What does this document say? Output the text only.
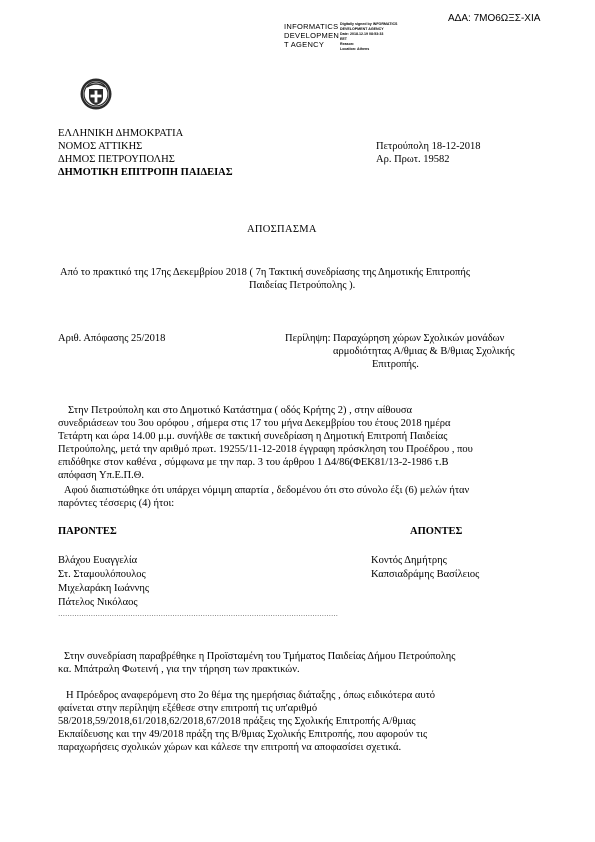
ΑΔΑ: 7ΜΟ6ΩΞΣ-ΧΙΑ
INFORMATICS
DEVELOPMEN
T AGENCY
Digitally signed by INFORMATICS
DEVELOPMENT AGENCY
Date: 2018.12.19 08:53:33
EET
Reason:
Location: Athens
ΕΛΛΗΝΙΚΗ ΔΗΜΟΚΡΑΤΙΑ
ΝΟΜΟΣ ΑΤΤΙΚΗΣ
ΔΗΜΟΣ ΠΕΤΡΟΥΠΟΛΗΣ
ΔΗΜΟΤΙΚΗ ΕΠΙΤΡΟΠΗ ΠΑΙΔΕΙΑΣ
Πετρούπολη 18-12-2018
Αρ. Πρωτ. 19582
ΑΠΟΣΠΑΣΜΑ
Από το πρακτικό της 17ης Δεκεμβρίου 2018 ( 7η Τακτική συνεδρίασης της Δημοτικής Επιτροπής
Παιδείας Πετρούπολης ).
Αριθ. Απόφασης 25/2018	Περίληψη: Παραχώρηση χώρων Σχολικών μονάδων
αρμοδιότητας Α/θμιας & Β/θμιας Σχολικής
Επιτροπής.
Στην Πετρούπολη και στο Δημοτικό Κατάστημα ( οδός Κρήτης 2) , στην αίθουσα
συνεδριάσεων του 3ου ορόφου , σήμερα στις 17 του μήνα Δεκεμβρίου του έτους 2018 ημέρα
Τετάρτη και ώρα 14.00 μ.μ. συνήλθε σε τακτική συνεδρίαση η Δημοτική Επιτροπή Παιδείας
Πετρούπολης, μετά την αριθμό πρωτ. 19255/11-12-2018 έγγραφη πρόσκληση του Προέδρου , που
επιδόθηκε στον καθένα , σύμφωνα με την παρ. 3 του άρθρου 1 Δ4/86(ΦΕΚ81/13-2-1986 τ.Β
απόφαση Υπ.Ε.Π.Θ.
Αφού διαπιστώθηκε ότι υπάρχει νόμιμη απαρτία , δεδομένου ότι στο σύνολο έξι (6) μελών ήταν
παρόντες τέσσερις (4) ήτοι:
ΠΑΡΟΝΤΕΣ	ΑΠΟΝΤΕΣ
Βλάχου Ευαγγελία
Στ. Σταμουλόπουλος
Μιχελαράκη Ιωάννης
Πάτελος Νικόλαος
Κοντός Δημήτρης
Καπσιαδράμης Βασίλειος
…………………………………………………………………………………………………………
Στην συνεδρίαση παραβρέθηκε η Προϊσταμένη του Τμήματος Παιδείας Δήμου Πετρούπολης
κα. Μπάτραλη Φωτεινή , για την τήρηση των πρακτικών.
Η Πρόεδρος αναφερόμενη στο 2ο θέμα της ημερήσιας διάταξης , όπως ειδικότερα αυτό
φαίνεται στην περίληψη εξέθεσε στην επιτροπή τις υπ'αριθμό
58/2018,59/2018,61/2018,62/2018,67/2018 πράξεις της Σχολικής Επιτροπής Α/θμιας
Εκπαίδευσης και την 49/2018 πράξη της Β/θμιας Σχολικής Επιτροπής, που αφορούν τις
παραχωρήσεις σχολικών χώρων και κάλεσε την επιτροπή να αποφασίσει σχετικά.
